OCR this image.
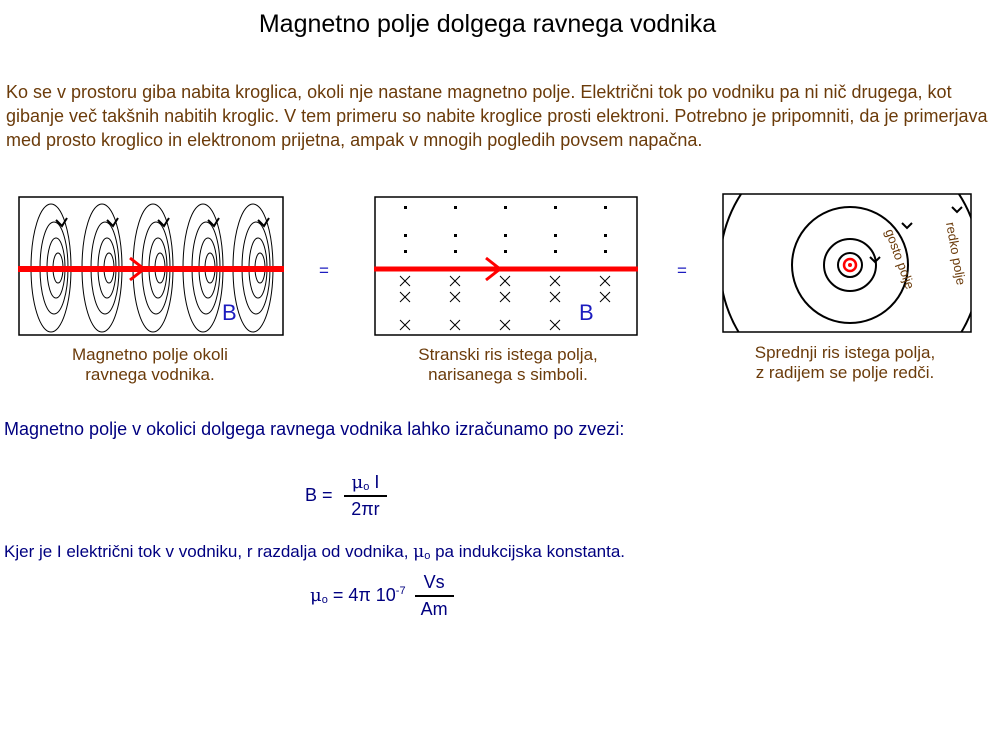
Magnetno polje dolgega ravnega vodnika
Ko se v prostoru giba nabita kroglica, okoli nje nastane magnetno polje. Električni tok po vodniku pa ni nič drugega, kot gibanje več takšnih nabitih kroglic. V tem primeru so nabite kroglice prosti elektroni. Potrebno je pripomniti, da je primerjava med prosto kroglico in elektronom prijetna, ampak v mnogih pogledih povsem napačna.
B
=
B
=	gosto polje redko polje
Magnetno polje okoli
ravnega vodnika.
Stranski ris istega polja,
narisanega s simboli.
Sprednji ris istega polja,
z radijem se polje redči.
Magnetno polje v okolici dolgega ravnega vodnika lahko izračunamo po zvezi:
$B = \frac{\text{μo I}}{2\pi r}$
Kjer je I električni tok v vodniku, r razdalja od vodnika, μo pa indukcijska konstanta.
μo = 4π $10^{-7} \frac{Vs}{Am}$
